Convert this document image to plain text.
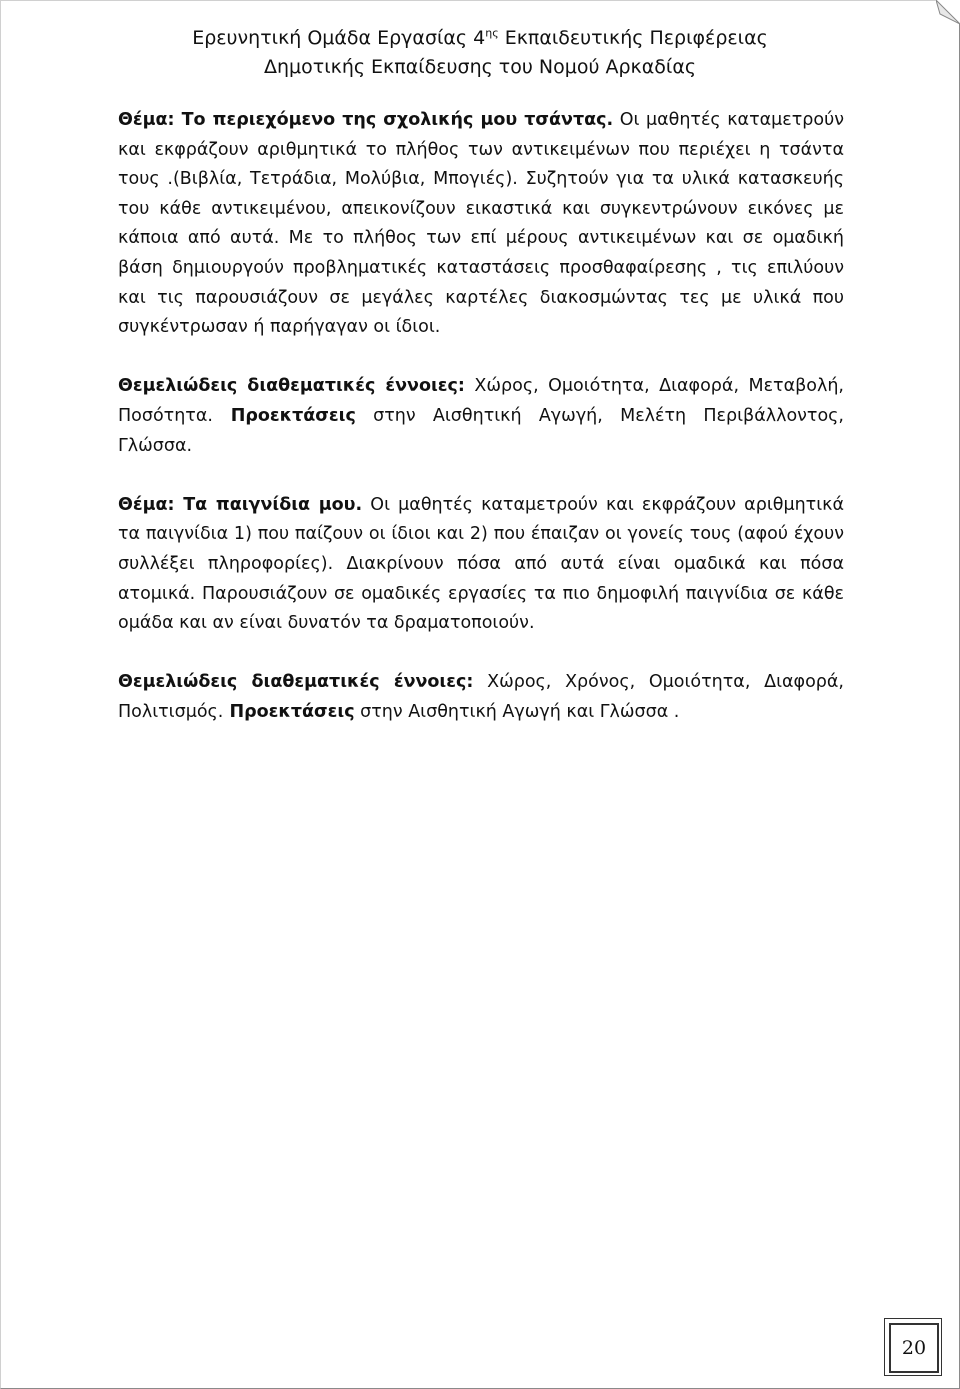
Ερευνητική Ομάδα Εργασίας $4^{\eta\varsigma}$ Εκπαιδευτικής Περιφέρειας
Δημοτικής Εκπαίδευσης του Νομού Αρκαδίας

Θέμα: Το περιεχόμενο της σχολικής μου τσάντας. Οι μαθητές καταμετρούν και εκφράζουν αριθμητικά το πλήθος των αντικειμένων που περιέχει η τσάντα τους .(Βιβλία, Τετράδια, Μολύβια, Μπογιές). Συζητούν για τα υλικά κατασκευής του κάθε αντικειμένου, απεικονίζουν εικαστικά και συγκεντρώνουν εικόνες με κάποια από αυτά. Με το πλήθος των επί μέρους αντικειμένων και σε ομαδική βάση δημιουργούν προβληματικές καταστάσεις προσθαφαίρεσης , τις επιλύουν και τις παρουσιάζουν σε μεγάλες καρτέλες διακοσμώντας τες με υλικά που συγκέντρωσαν ή παρήγαγαν οι ίδιοι.

Θεμελιώδεις διαθεματικές έννοιες: Χώρος, Ομοιότητα, Διαφορά, Μεταβολή, Ποσότητα. Προεκτάσεις στην Αισθητική Αγωγή, Μελέτη Περιβάλλοντος, Γλώσσα.

Θέμα: Τα παιγνίδια μου. Οι μαθητές καταμετρούν και εκφράζουν αριθμητικά τα παιγνίδια 1) που παίζουν οι ίδιοι και 2) που έπαιζαν οι γονείς τους (αφού έχουν συλλέξει πληροφορίες). Διακρίνουν πόσα από αυτά είναι ομαδικά και πόσα ατομικά. Παρουσιάζουν σε ομαδικές εργασίες τα πιο δημοφιλή παιγνίδια σε κάθε ομάδα και αν είναι δυνατόν τα δραματοποιούν.

Θεμελιώδεις διαθεματικές έννοιες: Χώρος, Χρόνος, Ομοιότητα, Διαφορά, Πολιτισμός. Προεκτάσεις στην Αισθητική Αγωγή και Γλώσσα .

20
